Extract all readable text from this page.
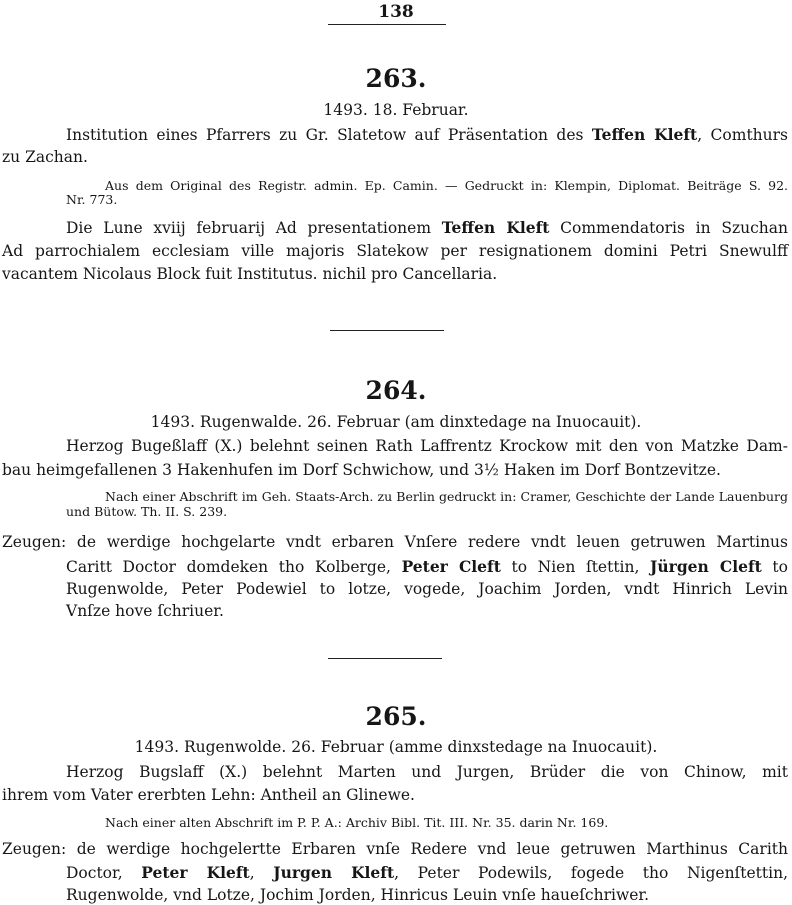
138
263.
1493. 18. Februar.
Institution eines Pfarrers zu Gr. Slatetow auf Präsentation des Teffen Kleft, Comthurs
zu Zachan.
Aus dem Original des Registr. admin. Ep. Camin. — Gedruckt in: Klempin, Diplomat. Beiträge S. 92.
Nr. 773.
Die Lune xviij februarij Ad presentationem Teffen Kleft Commendatoris in Szuchan
Ad parrochialem ecclesiam ville majoris Slatekow per resignationem domini Petri Snewulff
vacantem Nicolaus Block fuit Institutus. nichil pro Cancellaria.
264.
1493. Rugenwalde. 26. Februar (am dinxtedage na Inuocauit).
Herzog Bugeßlaff (X.) belehnt seinen Rath Laffrentz Krockow mit den von Matzke Dam-
bau heimgefallenen 3 Hakenhufen im Dorf Schwichow, und 3½ Haken im Dorf Bontzevitze.
Nach einer Abschrift im Geh. Staats-Arch. zu Berlin gedruckt in: Cramer, Geschichte der Lande Lauenburg
und Bütow. Th. II. S. 239.
Zeugen: de werdige hochgelarte vndt erbaren Vnſere redere vndt leuen getruwen Martinus
Caritt Doctor domdeken tho Kolberge, Peter Cleft to Nien ſtettin, Jürgen Cleft to
Rugenwolde, Peter Podewiel to lotze, vogede, Joachim Jorden, vndt Hinrich Levin
Vnſze hove ſchriuer.
265.
1493. Rugenwolde. 26. Februar (amme dinxstedage na Inuocauit).
Herzog Bugslaff (X.) belehnt Marten und Jurgen, Brüder die von Chinow, mit
ihrem vom Vater ererbten Lehn: Antheil an Glinewe.
Nach einer alten Abschrift im P. P. A.: Archiv Bibl. Tit. III. Nr. 35. darin Nr. 169.
Zeugen: de werdige hochgelertte Erbaren vnſe Redere vnd leue getruwen Marthinus Carith
Doctor, Peter Kleft, Jurgen Kleft, Peter Podewils, fogede tho Nigenſtettin,
Rugenwolde, vnd Lotze, Jochim Jorden, Hinricus Leuin vnſe haueſchriwer.
